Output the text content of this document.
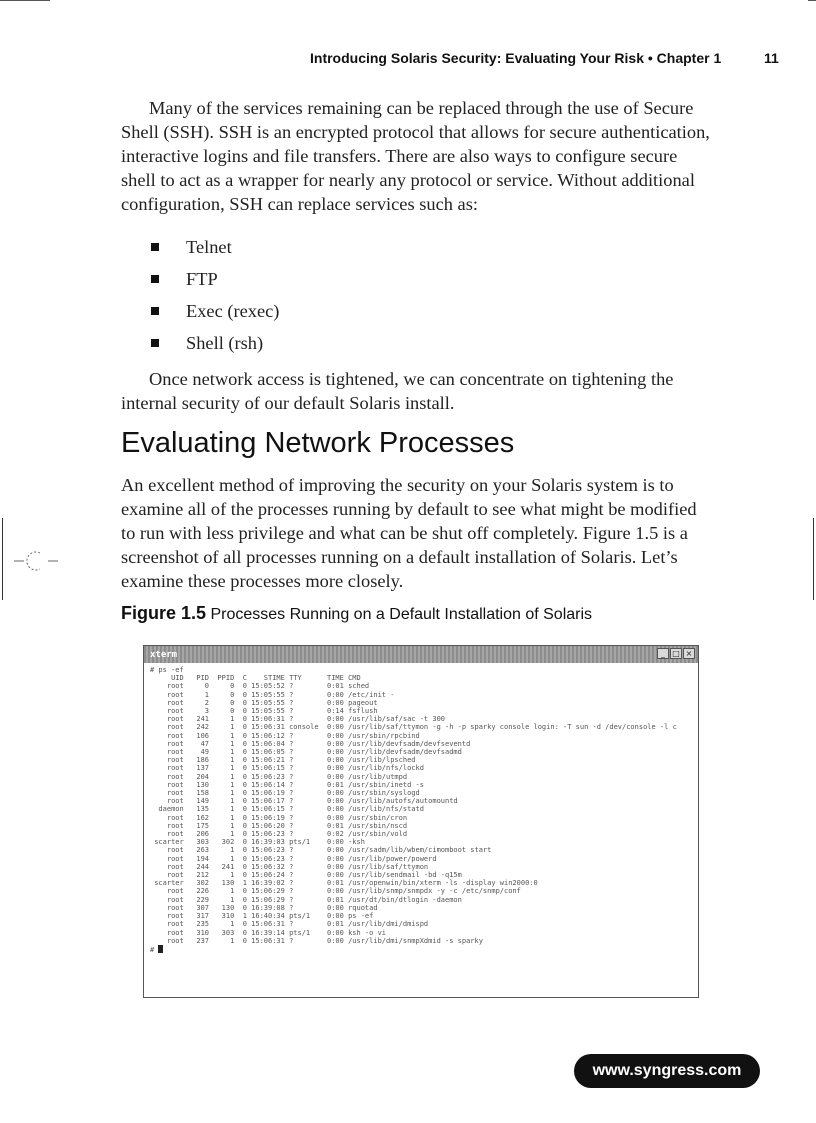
Introducing Solaris Security: Evaluating Your Risk • Chapter 1	11

Many of the services remaining can be replaced through the use of Secure Shell (SSH). SSH is an encrypted protocol that allows for secure authentication, interactive logins and file transfers. There are also ways to configure secure shell to act as a wrapper for nearly any protocol or service. Without additional configuration, SSH can replace services such as:

Telnet
FTP
Exec (rexec)
Shell (rsh)

Once network access is tightened, we can concentrate on tightening the internal security of our default Solaris install.

Evaluating Network Processes

An excellent method of improving the security on your Solaris system is to examine all of the processes running by default to see what might be modified to run with less privilege and what can be shut off completely. Figure 1.5 is a screenshot of all processes running on a default installation of Solaris. Let’s examine these processes more closely.

Figure 1.5 Processes Running on a Default Installation of Solaris
xterm	_ □ ×
# ps -ef
UID   PID  PPID  C    STIME TTY      TIME CMD
root     0     0  0 15:05:52 ?        0:01 sched
root     1     0  0 15:05:55 ?        0:00 /etc/init -
root     2     0  0 15:05:55 ?        0:00 pageout
root     3     0  0 15:05:55 ?        0:14 fsflush
root   241     1  0 15:06:31 ?        0:00 /usr/lib/saf/sac -t 300
root   242     1  0 15:06:31 console  0:00 /usr/lib/saf/ttymon -g -h -p sparky console login: -T sun -d /dev/console -l c
root   106     1  0 15:06:12 ?        0:00 /usr/sbin/rpcbind
root    47     1  0 15:06:04 ?        0:00 /usr/lib/devfsadm/devfseventd
root    49     1  0 15:06:05 ?        0:00 /usr/lib/devfsadm/devfsadmd
root   186     1  0 15:06:21 ?        0:00 /usr/lib/lpsched
root   137     1  0 15:06:15 ?        0:00 /usr/lib/nfs/lockd
root   204     1  0 15:06:23 ?        0:00 /usr/lib/utmpd
root   130     1  0 15:06:14 ?        0:01 /usr/sbin/inetd -s
root   158     1  0 15:06:19 ?        0:00 /usr/sbin/syslogd
root   149     1  0 15:06:17 ?        0:00 /usr/lib/autofs/automountd
daemon   135     1  0 15:06:15 ?        0:00 /usr/lib/nfs/statd
root   162     1  0 15:06:19 ?        0:00 /usr/sbin/cron
root   175     1  0 15:06:20 ?        0:01 /usr/sbin/nscd
root   206     1  0 15:06:23 ?        0:02 /usr/sbin/vold
scarter   303   302  0 16:39:03 pts/1    0:00 -ksh
root   263     1  0 15:06:23 ?        0:00 /usr/sadm/lib/wbem/cimomboot start
root   194     1  0 15:06:23 ?        0:00 /usr/lib/power/powerd
root   244   241  0 15:06:32 ?        0:00 /usr/lib/saf/ttymon
root   212     1  0 15:06:24 ?        0:00 /usr/lib/sendmail -bd -q15m
scarter   302   130  1 16:39:02 ?        0:01 /usr/openwin/bin/xterm -ls -display win2000:0
root   226     1  0 15:06:29 ?        0:00 /usr/lib/snmp/snmpdx -y -c /etc/snmp/conf
root   229     1  0 15:06:29 ?        0:01 /usr/dt/bin/dtlogin -daemon
root   307   130  0 16:39:08 ?        0:00 rquotad
root   317   310  1 16:40:34 pts/1    0:00 ps -ef
root   235     1  0 15:06:31 ?        0:01 /usr/lib/dmi/dmispd
root   310   303  0 16:39:14 pts/1    0:00 ksh -o vi
root   237     1  0 15:06:31 ?        0:00 /usr/lib/dmi/snmpXdmid -s sparky
#
www.syngress.com
